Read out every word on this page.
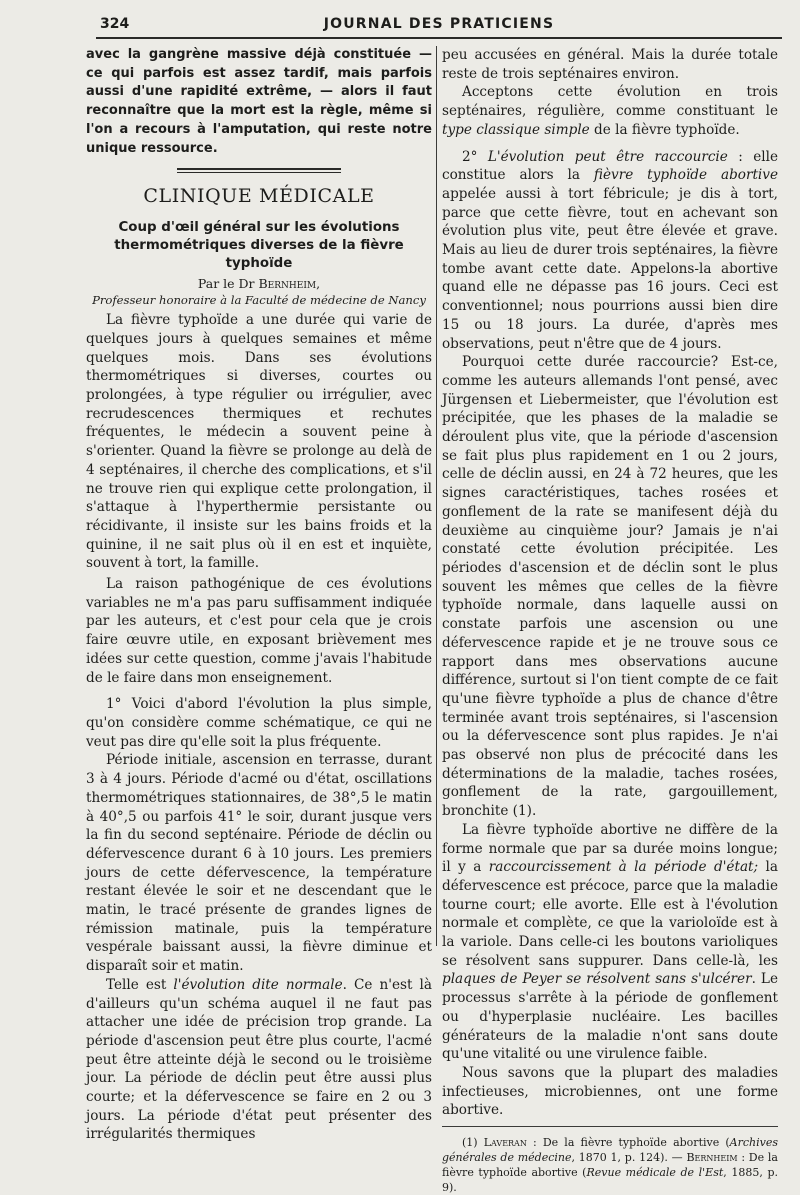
324	JOURNAL DES PRATICIENS

avec la gangrène massive déjà constituée — ce qui parfois est assez tardif, mais parfois aussi d'une rapidité extrême, — alors il faut reconnaître que la mort est la règle, même si l'on a recours à l'amputation, qui reste notre unique ressource.

CLINIQUE MÉDICALE
Coup d'œil général sur les évolutions thermométriques diverses de la fièvre typhoïde

Par le Dr Bernheim,

Professeur honoraire à la Faculté de médecine de Nancy

La fièvre typhoïde a une durée qui varie de quelques jours à quelques semaines et même quelques mois. Dans ses évolutions thermométriques si diverses, courtes ou prolongées, à type régulier ou irrégulier, avec recrudescences thermiques et rechutes fréquentes, le médecin a souvent peine à s'orienter. Quand la fièvre se prolonge au delà de 4 septénaires, il cherche des complications, et s'il ne trouve rien qui explique cette prolongation, il s'attaque à l'hyperthermie persistante ou récidivante, il insiste sur les bains froids et la quinine, il ne sait plus où il en est et inquiète, souvent à tort, la famille.

La raison pathogénique de ces évolutions variables ne m'a pas paru suffisamment indiquée par les auteurs, et c'est pour cela que je crois faire œuvre utile, en exposant brièvement mes idées sur cette question, comme j'avais l'habitude de le faire dans mon enseignement.

1° Voici d'abord l'évolution la plus simple, qu'on considère comme schématique, ce qui ne veut pas dire qu'elle soit la plus fréquente.

Période initiale, ascension en terrasse, durant 3 à 4 jours. Période d'acmé ou d'état, oscillations thermométriques stationnaires, de 38°,5 le matin à 40°,5 ou parfois 41° le soir, durant jusque vers la fin du second septénaire. Période de déclin ou défervescence durant 6 à 10 jours. Les premiers jours de cette défervescence, la température restant élevée le soir et ne descendant que le matin, le tracé présente de grandes lignes de rémission matinale, puis la température vespérale baissant aussi, la fièvre diminue et disparaît soir et matin.

Telle est l'évolution dite normale. Ce n'est là d'ailleurs qu'un schéma auquel il ne faut pas attacher une idée de précision trop grande. La période d'ascension peut être plus courte, l'acmé peut être atteinte déjà le second ou le troisième jour. La période de déclin peut être aussi plus courte; et la défervescence se faire en 2 ou 3 jours. La période d'état peut présenter des irrégularités thermiques

peu accusées en général. Mais la durée totale reste de trois septénaires environ.

Acceptons cette évolution en trois septénaires, régulière, comme constituant le type classique simple de la fièvre typhoïde.

2° L'évolution peut être raccourcie : elle constitue alors la fièvre typhoïde abortive appelée aussi à tort fébricule; je dis à tort, parce que cette fièvre, tout en achevant son évolution plus vite, peut être élevée et grave. Mais au lieu de durer trois septénaires, la fièvre tombe avant cette date. Appelons-la abortive quand elle ne dépasse pas 16 jours. Ceci est conventionnel; nous pourrions aussi bien dire 15 ou 18 jours. La durée, d'après mes observations, peut n'être que de 4 jours.

Pourquoi cette durée raccourcie? Est-ce, comme les auteurs allemands l'ont pensé, avec Jürgensen et Liebermeister, que l'évolution est précipitée, que les phases de la maladie se déroulent plus vite, que la période d'ascension se fait plus plus rapidement en 1 ou 2 jours, celle de déclin aussi, en 24 à 72 heures, que les signes caractéristiques, taches rosées et gonflement de la rate se manifesent déjà du deuxième au cinquième jour? Jamais je n'ai constaté cette évolution précipitée. Les périodes d'ascension et de déclin sont le plus souvent les mêmes que celles de la fièvre typhoïde normale, dans laquelle aussi on constate parfois une ascension ou une défervescence rapide et je ne trouve sous ce rapport dans mes observations aucune différence, surtout si l'on tient compte de ce fait qu'une fièvre typhoïde a plus de chance d'être terminée avant trois septénaires, si l'ascension ou la défervescence sont plus rapides. Je n'ai pas observé non plus de précocité dans les déterminations de la maladie, taches rosées, gonflement de la rate, gargouillement, bronchite (1).

La fièvre typhoïde abortive ne diffère de la forme normale que par sa durée moins longue; il y a raccourcissement à la période d'état; la défervescence est précoce, parce que la maladie tourne court; elle avorte. Elle est à l'évolution normale et complète, ce que la varioloïde est à la variole. Dans celle-ci les boutons varioliques se résolvent sans suppurer. Dans celle-là, les plaques de Peyer se résolvent sans s'ulcérer. Le processus s'arrête à la période de gonflement ou d'hyperplasie nucléaire. Les bacilles générateurs de la maladie n'ont sans doute qu'une vitalité ou une virulence faible.

Nous savons que la plupart des maladies infectieuses, microbiennes, ont une forme abortive.

(1) Laveran : De la fièvre typhoïde abortive (Archives générales de médecine, 1870 1, p. 124). — Bernheim : De la fièvre typhoïde abortive (Revue médicale de l'Est, 1885, p. 9).
